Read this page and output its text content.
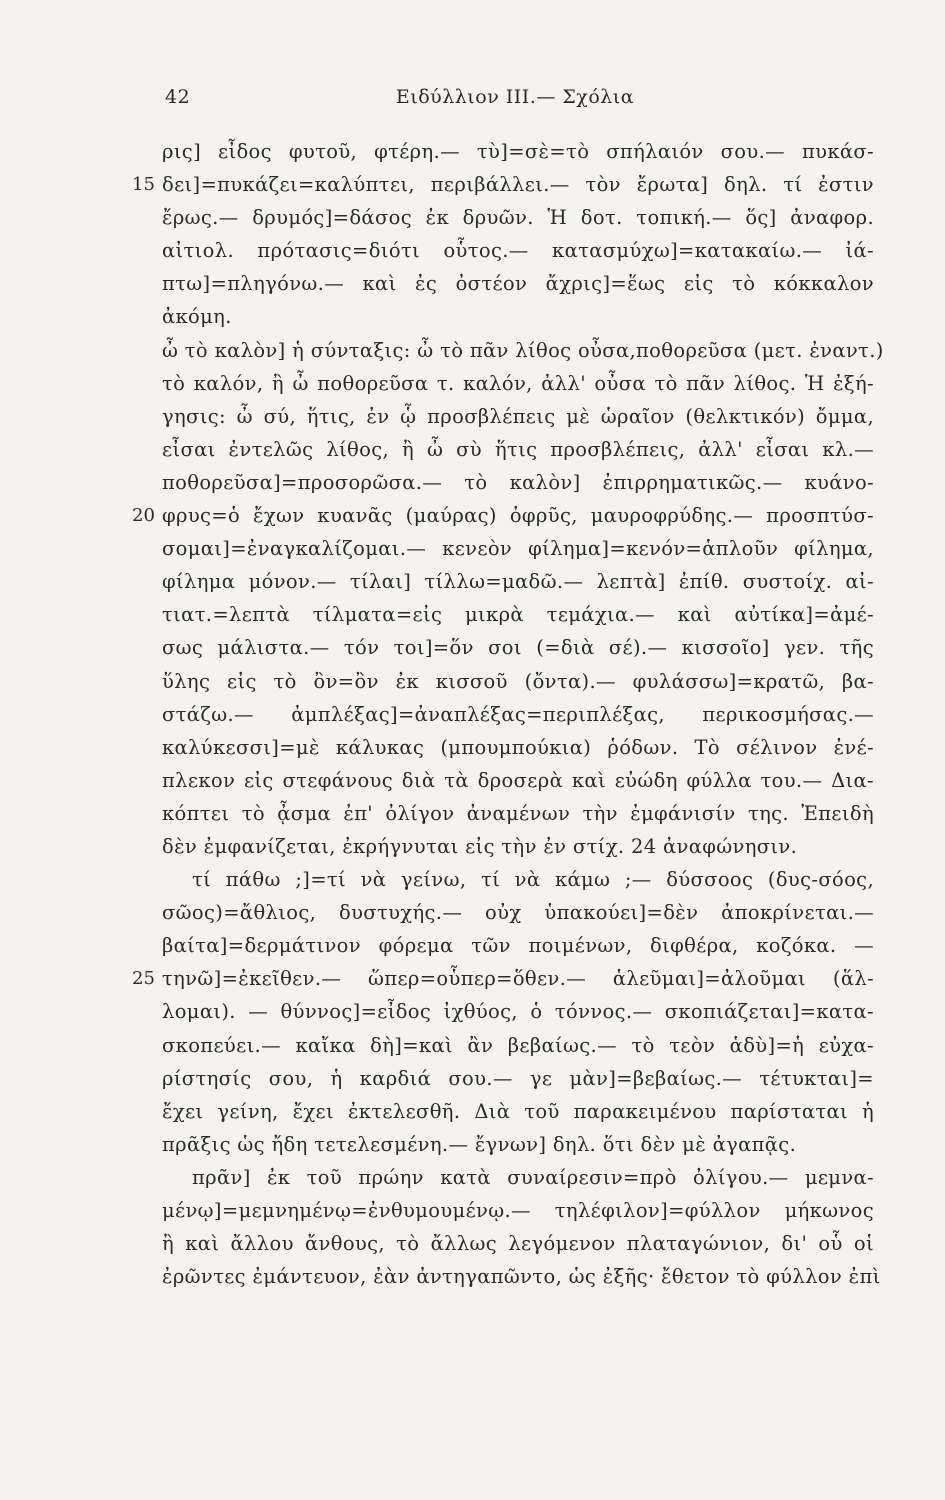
42	Ειδύλλιον ΙΙΙ.— Σχόλια
ρις] εἶδος φυτοῦ, φτέρη.— τὺ]=σὲ=τὸ σπήλαιόν σου.— πυκάσ-
15 δει]=πυκάζει=καλύπτει, περιβάλλει.— τὸν ἔρωτα] δηλ. τί ἐστιν
ἔρως.— δρυμός]=δάσος ἐκ δρυῶν. Ἡ δοτ. τοπική.— ὅς] ἀναφορ.
αἰτιολ. πρότασις=διότι οὗτος.— κατασμύχω]=κατακαίω.— ἰά-
πτω]=πληγόνω.— καὶ ἐς ὀστέον ἄχρις]=ἕως εἰς τὸ κόκκαλον
ἀκόμη.
ὦ τὸ καλὸν] ἡ σύνταξις: ὦ τὸ πᾶν λίθος οὖσα,ποθορεῦσα (μετ. ἐναντ.)
τὸ καλόν, ἢ ὦ ποθορεῦσα τ. καλόν, ἀλλ' οὖσα τὸ πᾶν λίθος. Ἡ ἐξή-
γησις: ὦ σύ, ἥτις, ἐν ᾧ προσβλέπεις μὲ ὡραῖον (θελκτικόν) ὄμμα,
εἶσαι ἐντελῶς λίθος, ἢ ὦ σὺ ἥτις προσβλέπεις, ἀλλ' εἶσαι κλ.—
ποθορεῦσα]=προσορῶσα.— τὸ καλὸν] ἐπιρρηματικῶς.— κυάνο-
20 φρυς=ὁ ἔχων κυανᾶς (μαύρας) ὀφρῦς, μαυροφρύδης.— προσπτύσ-
σομαι]=ἐναγκαλίζομαι.— κενεὸν φίλημα]=κενόν=ἁπλοῦν φίλημα,
φίλημα μόνον.— τίλαι] τίλλω=μαδῶ.— λεπτὰ] ἐπίθ. συστοίχ. αἰ-
τιατ.=λεπτὰ τίλματα=εἰς μικρὰ τεμάχια.— καὶ αὐτίκα]=ἀμέ-
σως μάλιστα.— τόν τοι]=ὅν σοι (=διὰ σέ).— κισσοῖο] γεν. τῆς
ὕλης εἰς τὸ ὂν=ὂν ἐκ κισσοῦ (ὄντα).— φυλάσσω]=κρατῶ, βα-
στάζω.— ἀμπλέξας]=ἀναπλέξας=περιπλέξας, περικοσμήσας.—
καλύκεσσι]=μὲ κάλυκας (μπουμπούκια) ῥόδων. Τὸ σέλινον ἐνέ-
πλεκον εἰς στεφάνους διὰ τὰ δροσερὰ καὶ εὐώδη φύλλα του.— Δια-
κόπτει τὸ ᾆσμα ἐπ' ὀλίγον ἀναμένων τὴν ἐμφάνισίν της. Ἐπειδὴ
δὲν ἐμφανίζεται, ἐκρήγνυται εἰς τὴν ἐν στίχ. 24 ἀναφώνησιν.
τί πάθω ;]=τί νὰ γείνω, τί νὰ κάμω ;— δύσσοος (δυς-σόος,
σῶος)=ἄθλιος, δυστυχής.— οὐχ ὑπακούει]=δὲν ἀποκρίνεται.—
βαίτα]=δερμάτινον φόρεμα τῶν ποιμένων, διφθέρα, κοζόκα. —
25 τηνῶ]=ἐκεῖθεν.— ὥπερ=οὗπερ=ὅθεν.— ἁλεῦμαι]=ἀλοῦμαι (ἅλ-
λομαι). — θύννος]=εἶδος ἰχθύος, ὁ τόννος.— σκοπιάζεται]=κατα-
σκοπεύει.— καἴκα δὴ]=καὶ ἂν βεβαίως.— τὸ τεὸν ἁδὺ]=ἡ εὐχα-
ρίστησίς σου, ἡ καρδιά σου.— γε μὰν]=βεβαίως.— τέτυκται]=
ἔχει γείνη, ἔχει ἐκτελεσθῆ. Διὰ τοῦ παρακειμένου παρίσταται ἡ
πρᾶξις ὡς ἤδη τετελεσμένη.— ἔγνων] δηλ. ὅτι δὲν μὲ ἀγαπᾷς.
πρᾶν] ἐκ τοῦ πρώην κατὰ συναίρεσιν=πρὸ ὀλίγου.— μεμνα-
μένῳ]=μεμνημένῳ=ἐνθυμουμένῳ.— τηλέφιλον]=φύλλον μήκωνος
ἢ καὶ ἄλλου ἄνθους, τὸ ἄλλως λεγόμενον πλαταγώνιον, δι' οὗ οἱ
ἐρῶντες ἐμάντευον, ἐὰν ἀντηγαπῶντο, ὡς ἐξῆς· ἔθετον τὸ φύλλον ἐπὶ
